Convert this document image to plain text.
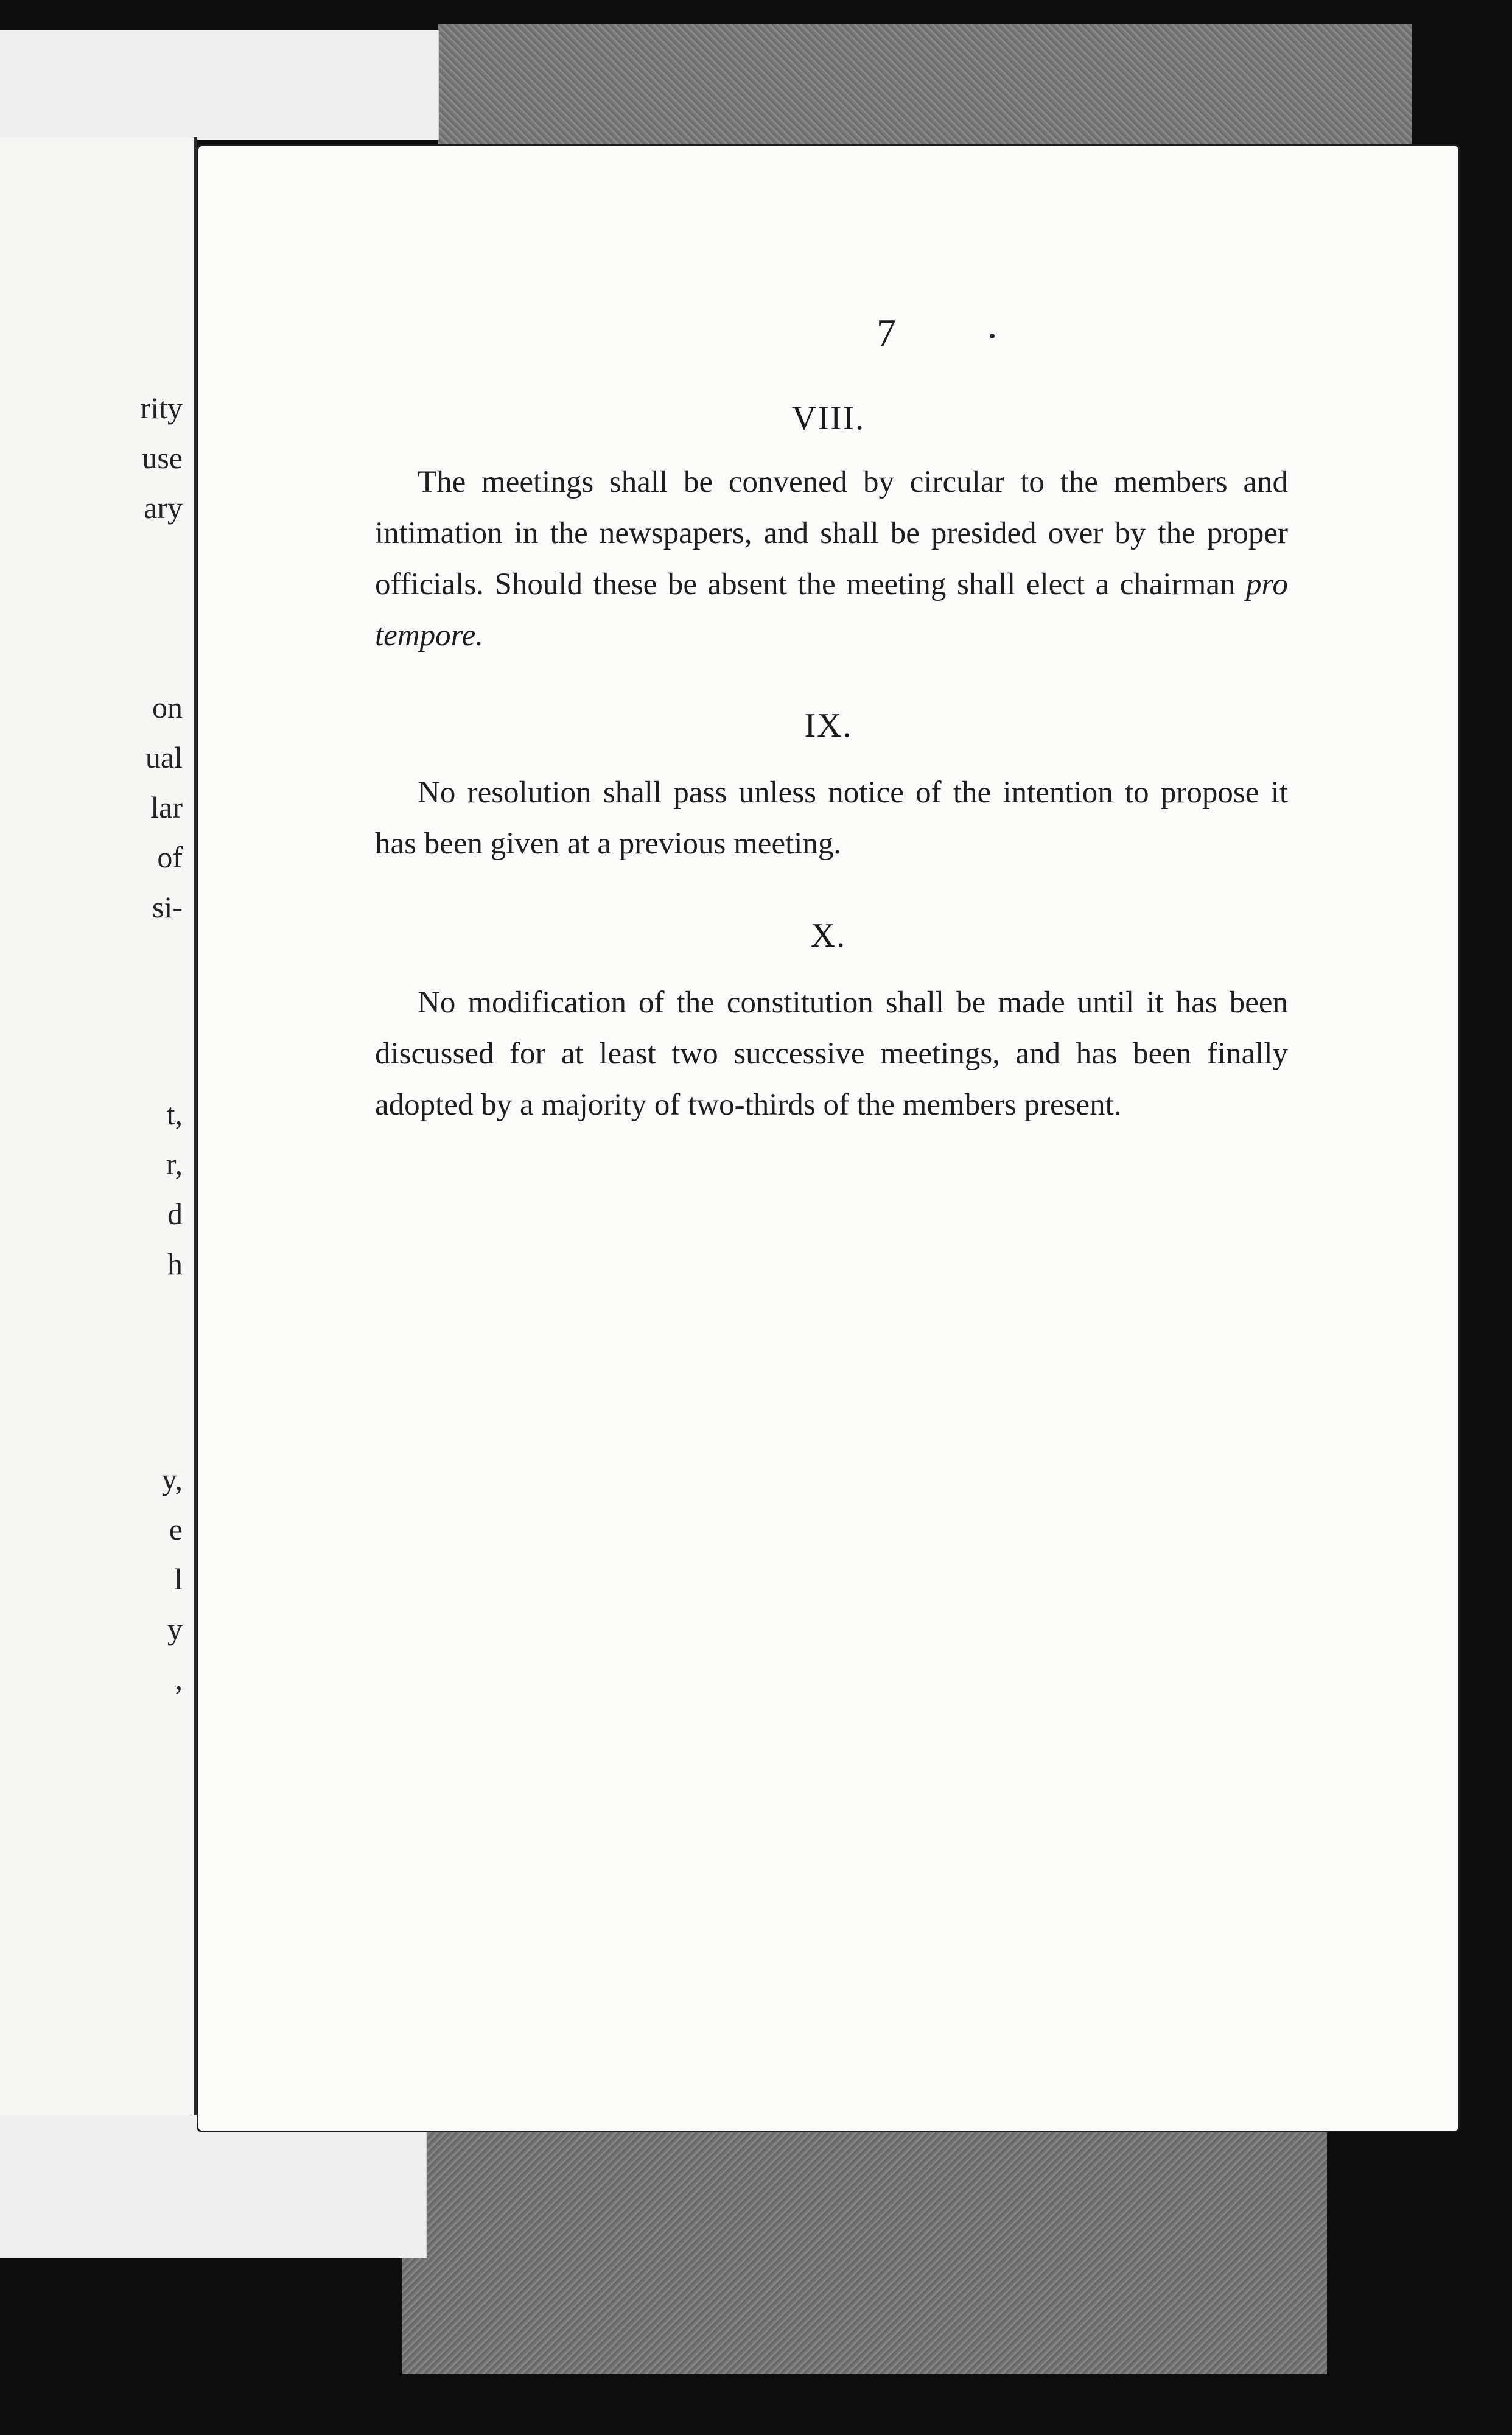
rity
use
ary
on
ual
lar
of
si-
t,
r,
d
h
y,
e
l
y
,
7
VIII.
The meetings shall be convened by circular to the members and intimation in the newspapers, and shall be presided over by the proper officials. Should these be absent the meeting shall elect a chairman pro tempore.
IX.
No resolution shall pass unless notice of the intention to propose it has been given at a previous meeting.
X.
No modification of the constitution shall be made until it has been discussed for at least two successive meetings, and has been finally adopted by a majority of two-thirds of the members present.
